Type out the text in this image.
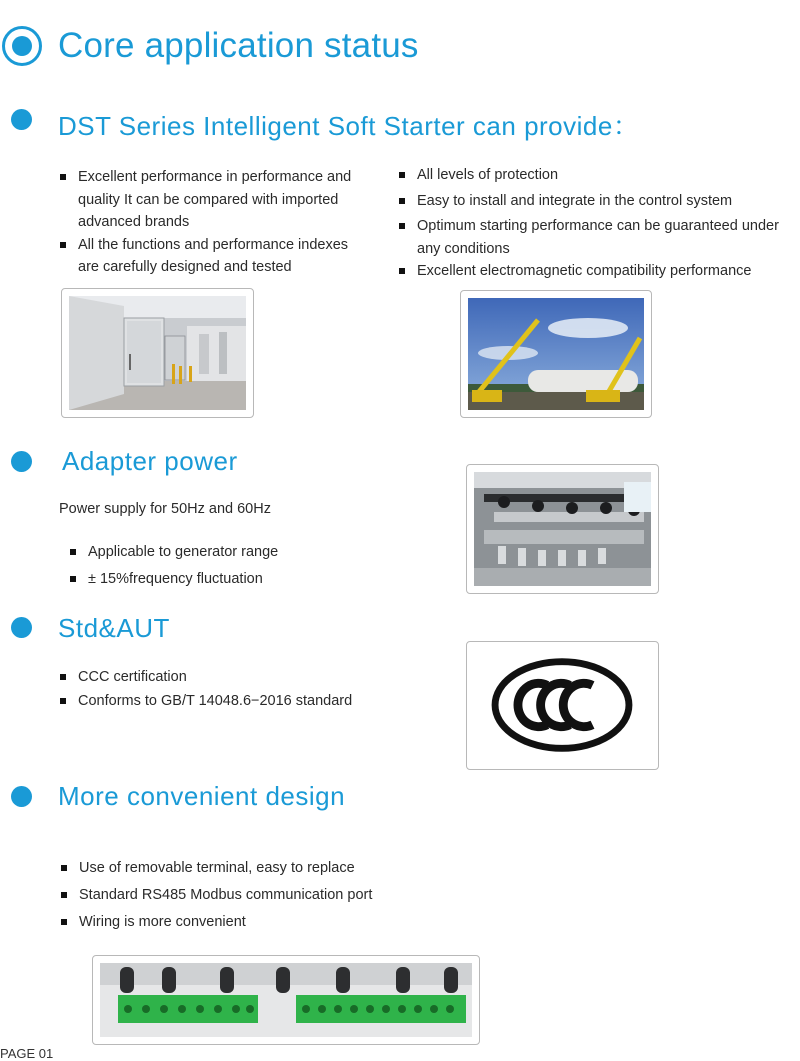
Core application status
DST Series Intelligent Soft Starter can provide：
Excellent performance in performance and quality It can be compared with imported advanced brands
All the functions and performance indexes are carefully designed and tested
All levels of protection
Easy to install and integrate in the control system
Optimum starting performance can be guaranteed under any conditions
Excellent electromagnetic compatibility performance
Adapter power
Power supply for 50Hz and 60Hz
Applicable to generator range
± 15%frequency fluctuation
Std&AUT
CCC certification
Conforms to GB/T 14048.6−2016 standard
More convenient design
Use of removable terminal, easy to replace
Standard RS485 Modbus communication port
Wiring is more convenient
PAGE 01
